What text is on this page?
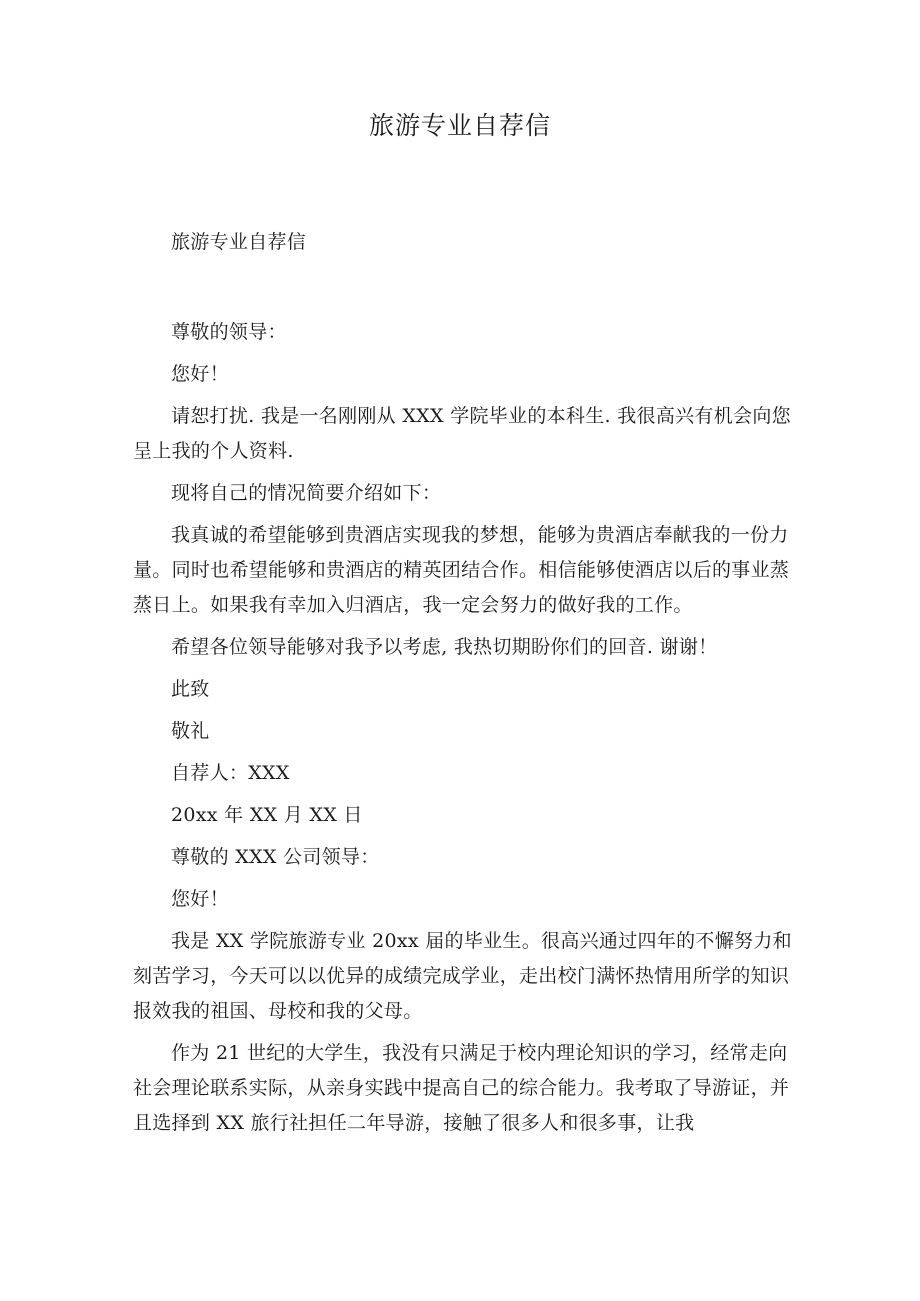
旅游专业自荐信

旅游专业自荐信

尊敬的领导：

您好！

请恕打扰. 我是一名刚刚从 XXX 学院毕业的本科生. 我很高兴有机会向您呈上我的个人资料.

现将自己的情况简要介绍如下：

我真诚的希望能够到贵酒店实现我的梦想，能够为贵酒店奉献我的一份力量。同时也希望能够和贵酒店的精英团结合作。相信能够使酒店以后的事业蒸蒸日上。如果我有幸加入归酒店，我一定会努力的做好我的工作。

希望各位领导能够对我予以考虑, 我热切期盼你们的回音. 谢谢！

此致

敬礼

自荐人：XXX

20xx 年 XX 月 XX 日

尊敬的 XXX 公司领导：

您好！

我是 XX 学院旅游专业 20xx 届的毕业生。很高兴通过四年的不懈努力和刻苦学习，今天可以以优异的成绩完成学业，走出校门满怀热情用所学的知识报效我的祖国、母校和我的父母。

作为 21 世纪的大学生，我没有只满足于校内理论知识的学习，经常走向社会理论联系实际，从亲身实践中提高自己的综合能力。我考取了导游证，并且选择到 XX 旅行社担任二年导游，接触了很多人和很多事，让我
